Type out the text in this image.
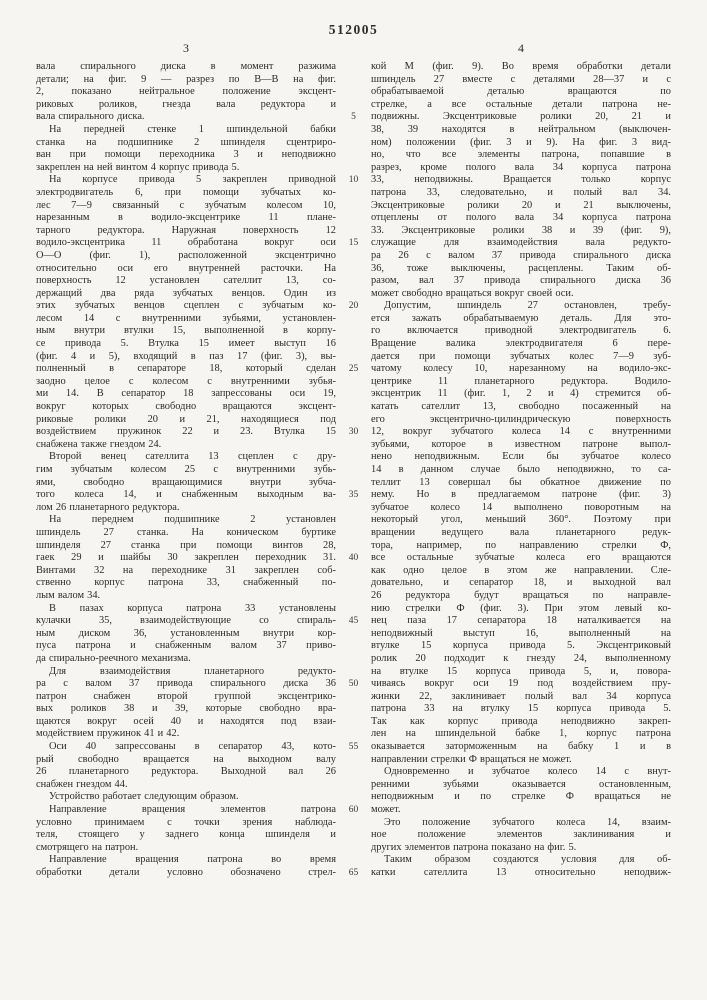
512005
3	4
вала спирального диска в момент разжима
детали; на фиг. 9 — разрез по В—В на фиг.
2, показано нейтральное положение эксцент-
риковых роликов, гнезда вала редуктора и
вала спирального диска.
На передней стенке 1 шпиндельной бабки
станка на подшипнике 2 шпинделя сцентриро-
ван при помощи переходника 3 и неподвижно
закреплен на ней винтом 4 корпус привода 5.
На корпусе привода 5 закреплен приводной
электродвигатель 6, при помощи зубчатых ко-
лес 7—9 связанный с зубчатым колесом 10,
нарезанным в водило-эксцентрике 11 плане-
тарного редуктора. Наружная поверхность 12
водило-эксцентрика 11 обработана вокруг оси
О—О (фиг. 1), расположенной эксцентрично
относительно оси его внутренней расточки. На
поверхность 12 установлен сателлит 13, со-
держащий два ряда зубчатых венцов. Один из
этих зубчатых венцов сцеплен с зубчатым ко-
лесом 14 с внутренними зубьями, установлен-
ным внутри втулки 15, выполненной в корпу-
се привода 5. Втулка 15 имеет выступ 16
(фиг. 4 и 5), входящий в паз 17 (фиг. 3), вы-
полненный в сепараторе 18, который сделан
заодно целое с колесом с внутренними зубья-
ми 14. В сепаратор 18 запрессованы оси 19,
вокруг которых свободно вращаются эксцент-
риковые ролики 20 и 21, находящиеся под
воздействием пружинок 22 и 23. Втулка 15
снабжена также гнездом 24.
Второй венец сателлита 13 сцеплен с дру-
гим зубчатым колесом 25 с внутренними зубь-
ями, свободно вращающимися внутри зубча-
того колеса 14, и снабженным выходным ва-
лом 26 планетарного редуктора.
На переднем подшипнике 2 установлен
шпиндель 27 станка. На коническом буртике
шпинделя 27 станка при помощи винтов 28,
гаек 29 и шайбы 30 закреплен переходник 31.
Винтами 32 на переходнике 31 закреплен соб-
ственно корпус патрона 33, снабженный по-
лым валом 34.
В пазах корпуса патрона 33 установлены
кулачки 35, взаимодействующие со спираль-
ным диском 36, установленным внутри кор-
пуса патрона и снабженным валом 37 приво-
да спирально-реечного механизма.
Для взаимодействия планетарного редукто-
ра с валом 37 привода спирального диска 36
патрон снабжен второй группой эксцентрико-
вых роликов 38 и 39, которые свободно вра-
щаются вокруг осей 40 и находятся под взаи-
модействием пружинок 41 и 42.
Оси 40 запрессованы в сепаратор 43, кото-
рый свободно вращается на выходном валу
26 планетарного редуктора. Выходной вал 26
снабжен гнездом 44.
Устройство работает следующим образом.
Направление вращения элементов патрона
условно принимаем с точки зрения наблюда-
теля, стоящего у заднего конца шпинделя и
смотрящего на патрон.
Направление вращения патрона во время
обработки детали условно обозначено стрел-
5
10
15
20
25
30
35
40
45
50
55
60
65
кой М (фиг. 9). Во время обработки детали
шпиндель 27 вместе с деталями 28—37 и с
обрабатываемой деталью вращаются по
стрелке, а все остальные детали патрона не-
подвижны. Эксцентриковые ролики 20, 21 и
38, 39 находятся в нейтральном (выключен-
ном) положении (фиг. 3 и 9). На фиг. 3 вид-
но, что все элементы патрона, попавшие в
разрез, кроме полого вала 34 корпуса патрона
33, неподвижны. Вращается только корпус
патрона 33, следовательно, и полый вал 34.
Эксцентриковые ролики 20 и 21 выключены,
отцеплены от полого вала 34 корпуса патрона
33. Эксцентриковые ролики 38 и 39 (фиг. 9),
служащие для взаимодействия вала редукто-
ра 26 с валом 37 привода спирального диска
36, тоже выключены, расцеплены. Таким об-
разом, вал 37 привода спирального диска 36
может свободно вращаться вокруг своей оси.
Допустим, шпиндель 27 остановлен, требу-
ется зажать обрабатываемую деталь. Для это-
го включается приводной электродвигатель 6.
Вращение валика электродвигателя 6 пере-
дается при помощи зубчатых колес 7—9 зуб-
чатому колесу 10, нарезанному на водило-экс-
центрике 11 планетарного редуктора. Водило-
эксцентрик 11 (фиг. 1, 2 и 4) стремится об-
катать сателлит 13, свободно посаженный на
его эксцентрично-цилиндрическую поверхность
12, вокруг зубчатого колеса 14 с внутренними
зубьями, которое в известном патроне выпол-
нено неподвижным. Если бы зубчатое колесо
14 в данном случае было неподвижно, то са-
теллит 13 совершал бы обкатное движение по
нему. Но в предлагаемом патроне (фиг. 3)
зубчатое колесо 14 выполнено поворотным на
некоторый угол, меньший 360°. Поэтому при
вращении ведущего вала планетарного редук-
тора, например, по направлению стрелки Ф,
все остальные зубчатые колеса его вращаются
как одно целое в этом же направлении. Сле-
довательно, и сепаратор 18, и выходной вал
26 редуктора будут вращаться по направле-
нию стрелки Ф (фиг. 3). При этом левый ко-
нец паза 17 сепаратора 18 наталкивается на
неподвижный выступ 16, выполненный на
втулке 15 корпуса привода 5. Эксцентриковый
ролик 20 подходит к гнезду 24, выполненному
на втулке 15 корпуса привода 5, и, повора-
чиваясь вокруг оси 19 под воздействием пру-
жинки 22, заклинивает полый вал 34 корпуса
патрона 33 на втулку 15 корпуса привода 5.
Так как корпус привода неподвижно закреп-
лен на шпиндельной бабке 1, корпус патрона
оказывается заторможенным на бабку 1 и в
направлении стрелки Ф вращаться не может.
Одновременно и зубчатое колесо 14 с внут-
ренними зубьями оказывается остановленным,
неподвижным и по стрелке Ф вращаться не
может.
Это положение зубчатого колеса 14, взаим-
ное положение элементов заклинивания и
других элементов патрона показано на фиг. 5.
Таким образом создаются условия для об-
катки сателлита 13 относительно неподвиж-
